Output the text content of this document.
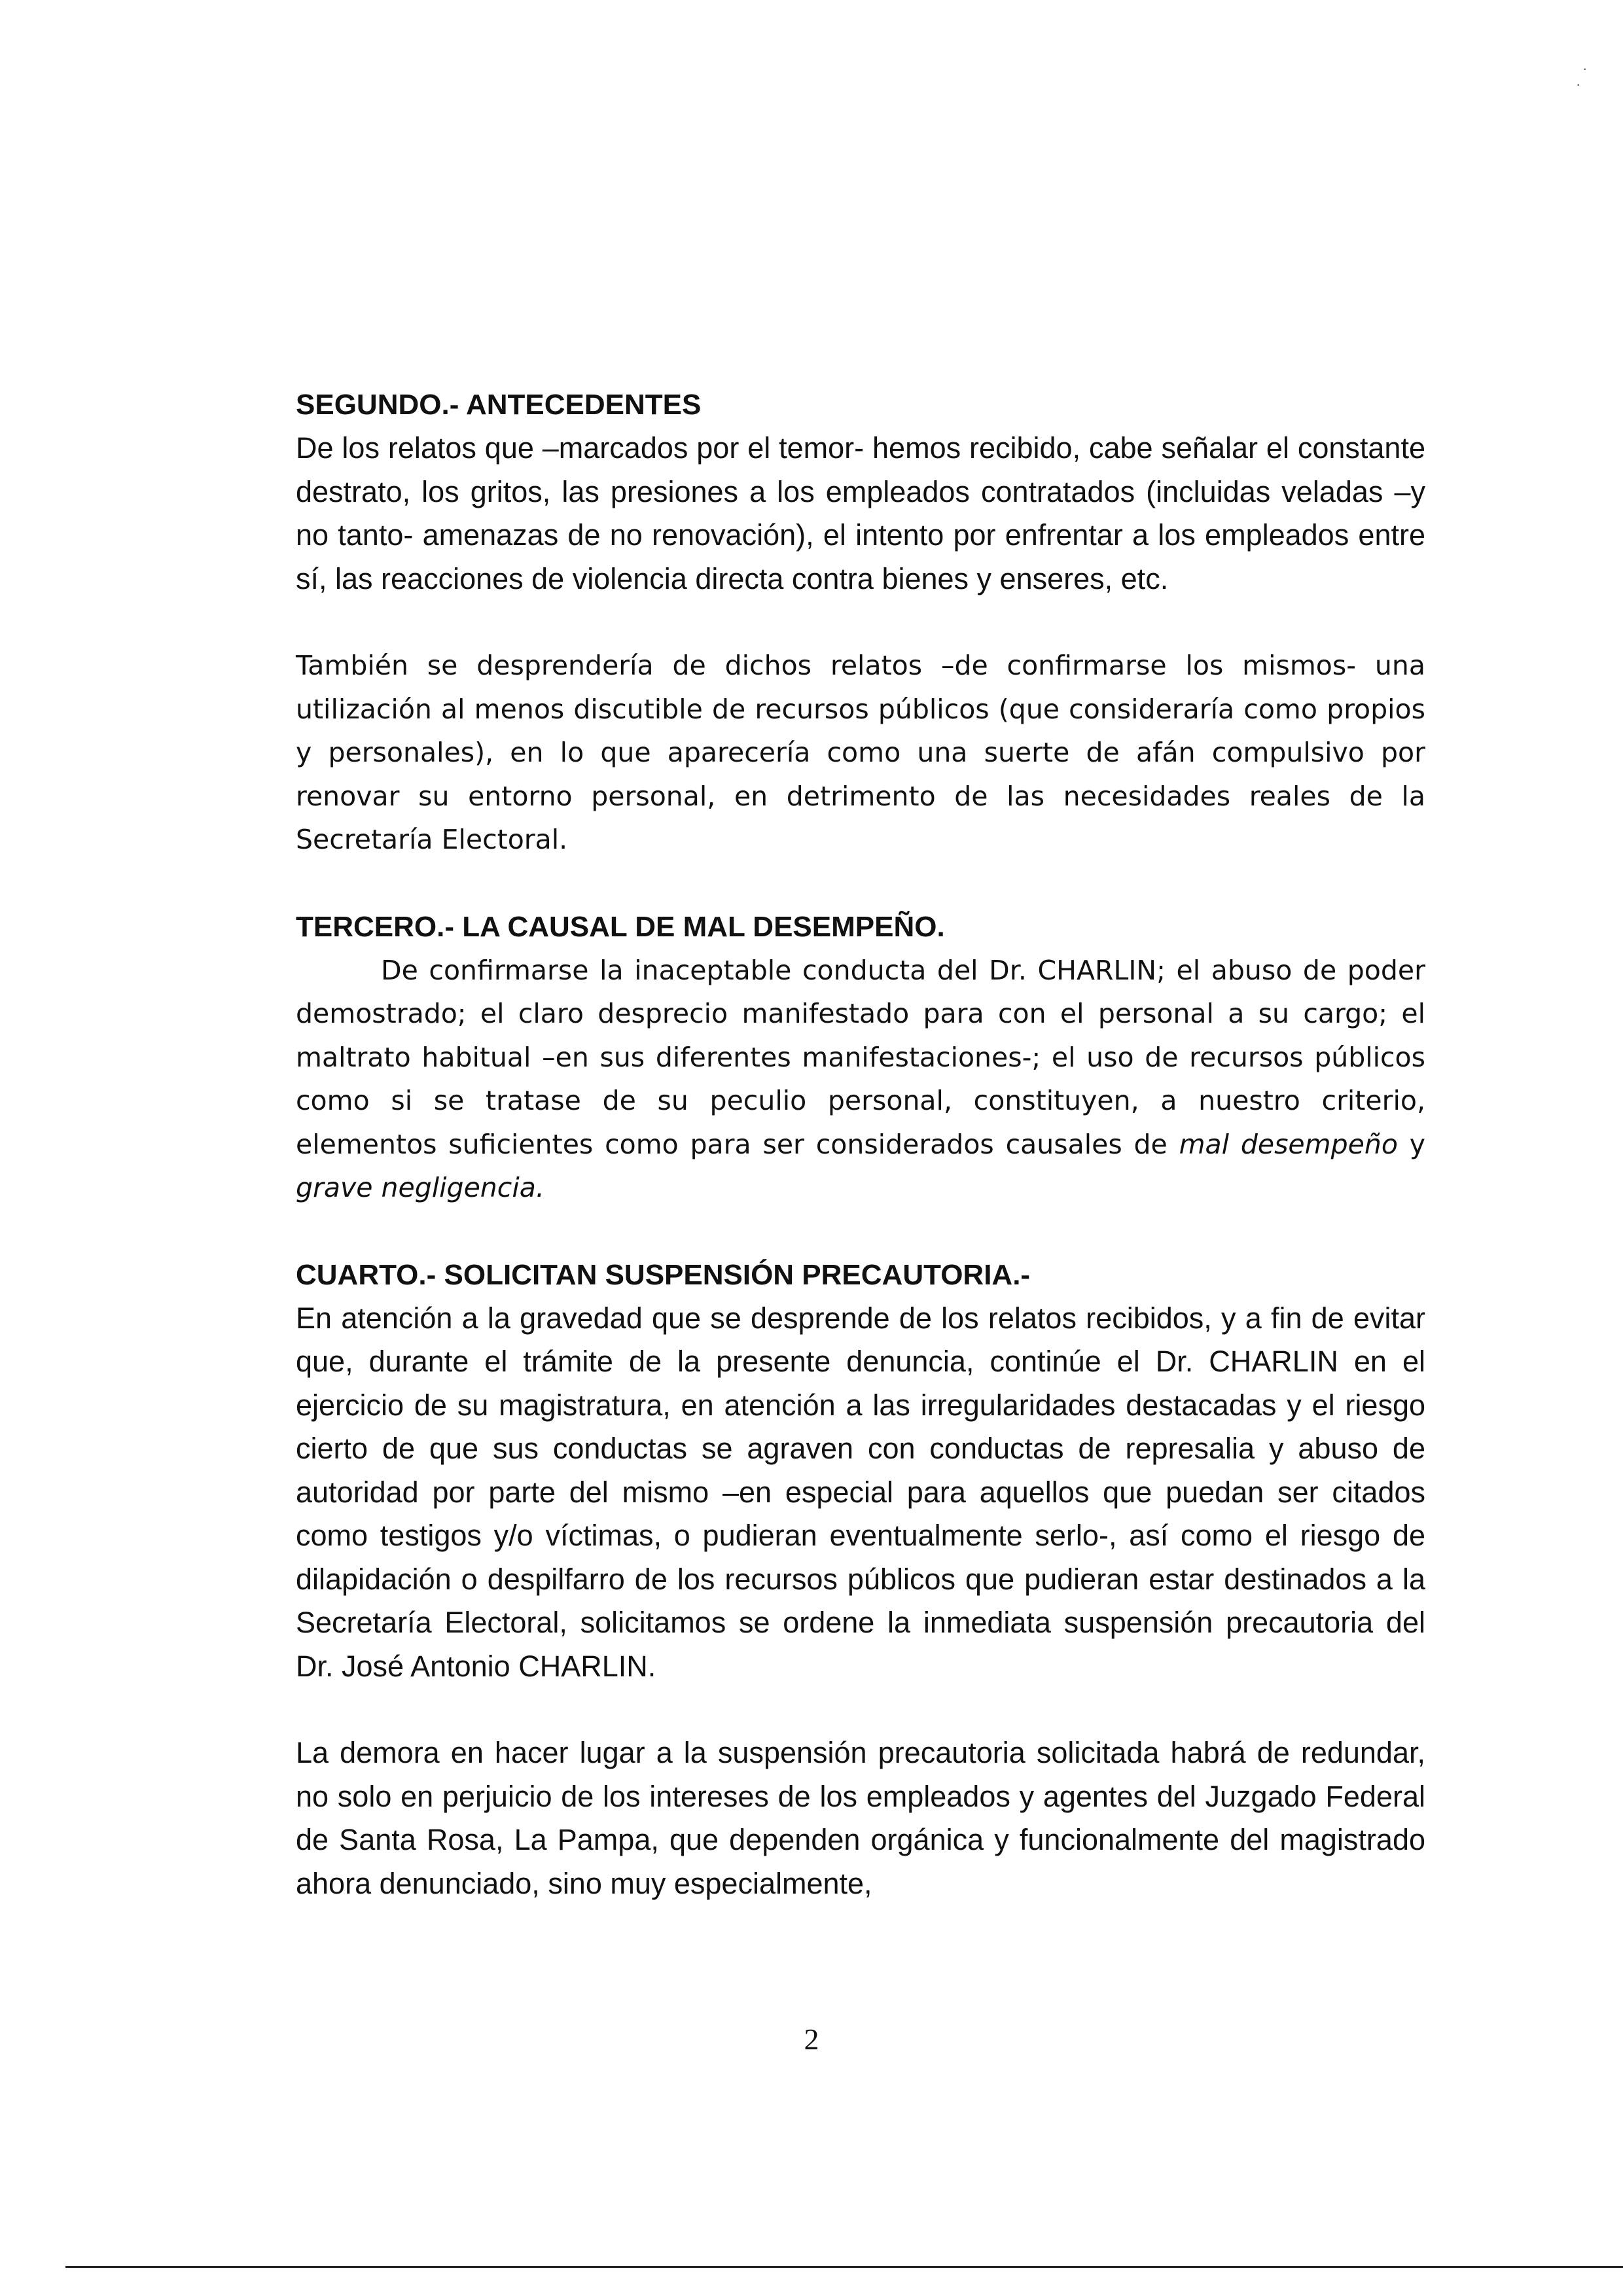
·
·
SEGUNDO.- ANTECEDENTES

De los relatos que –marcados por el temor- hemos recibido, cabe señalar el constante destrato, los gritos, las presiones a los empleados contratados (incluidas veladas –y no tanto- amenazas de no renovación), el intento por enfrentar a los empleados entre sí, las reacciones de violencia directa contra bienes y enseres, etc.

También se desprendería de dichos relatos –de confirmarse los mismos- una utilización al menos discutible de recursos públicos (que consideraría como propios y personales), en lo que aparecería como una suerte de afán compulsivo por renovar su entorno personal, en detrimento de las necesidades reales de la Secretaría Electoral.

TERCERO.- LA CAUSAL DE MAL DESEMPEÑO.

De confirmarse la inaceptable conducta del Dr. CHARLIN; el abuso de poder demostrado; el claro desprecio manifestado para con el personal a su cargo; el maltrato habitual –en sus diferentes manifestaciones-; el uso de recursos públicos como si se tratase de su peculio personal, constituyen, a nuestro criterio, elementos suficientes como para ser considerados causales de mal desempeño y grave negligencia.

CUARTO.- SOLICITAN SUSPENSIÓN PRECAUTORIA.-

En atención a la gravedad que se desprende de los relatos recibidos, y a fin de evitar que, durante el trámite de la presente denuncia, continúe el Dr. CHARLIN en el ejercicio de su magistratura, en atención a las irregularidades destacadas y el riesgo cierto de que sus conductas se agraven con conductas de represalia y abuso de autoridad por parte del mismo –en especial para aquellos que puedan ser citados como testigos y/o víctimas, o pudieran eventualmente serlo-, así como el riesgo de dilapidación o despilfarro de los recursos públicos que pudieran estar destinados a la Secretaría Electoral, solicitamos se ordene la inmediata suspensión precautoria del Dr. José Antonio CHARLIN.

La demora en hacer lugar a la suspensión precautoria solicitada habrá de redundar, no solo en perjuicio de los intereses de los empleados y agentes del Juzgado Federal de Santa Rosa, La Pampa, que dependen orgánica y funcionalmente del magistrado ahora denunciado, sino muy especialmente,

2
